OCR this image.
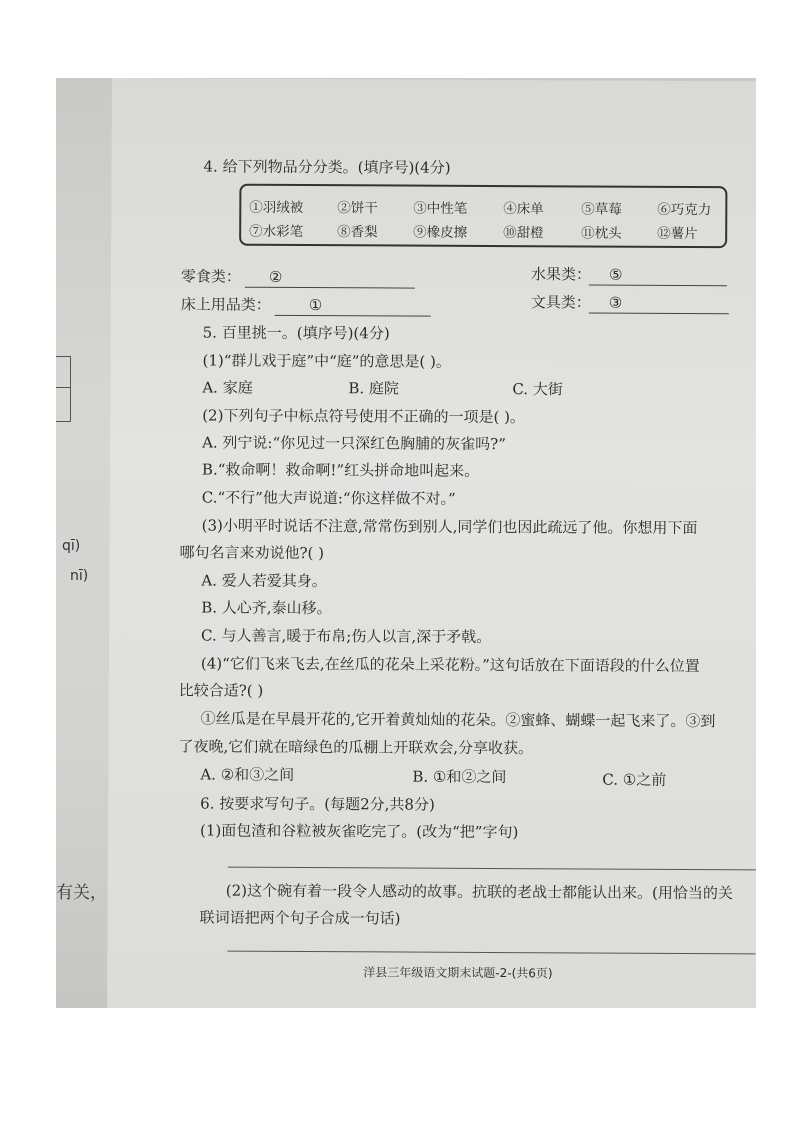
qī)
nī)
有关，
4. 给下列物品分分类。(填序号)(4分)
①羽绒被	②饼干	③中性笔	④床单	⑤草莓	⑥巧克力
⑦水彩笔	⑧香梨	⑨橡皮擦	⑩甜橙	⑪枕头	⑫薯片
零食类：	②	水果类：	⑤
床上用品类：	①	文具类：	③
5. 百里挑一。(填序号)(4分)
(1)“群儿戏于庭”中“庭”的意思是( )。
A. 家庭	B. 庭院	C. 大街
(2)下列句子中标点符号使用不正确的一项是( )。
A. 列宁说:“你见过一只深红色胸脯的灰雀吗?”
B.“救命啊！救命啊!”红头拼命地叫起来。
C.“不行”他大声说道:“你这样做不对。”
(3)小明平时说话不注意,常常伤到别人,同学们也因此疏远了他。你想用下面
哪句名言来劝说他?( )
A. 爱人若爱其身。
B. 人心齐,泰山移。
C. 与人善言,暖于布帛;伤人以言,深于矛戟。
(4)“它们飞来飞去,在丝瓜的花朵上采花粉。”这句话放在下面语段的什么位置
比较合适?( )
①丝瓜是在早晨开花的,它开着黄灿灿的花朵。②蜜蜂、蝴蝶一起飞来了。③到
了夜晚,它们就在暗绿色的瓜棚上开联欢会,分享收获。
A. ②和③之间	B. ①和②之间	C. ①之前
6. 按要求写句子。(每题2分,共8分)
(1)面包渣和谷粒被灰雀吃完了。(改为“把”字句)
(2)这个碗有着一段令人感动的故事。抗联的老战士都能认出来。(用恰当的关
联词语把两个句子合成一句话)
洋县三年级语文期末试题-2-(共6页)
